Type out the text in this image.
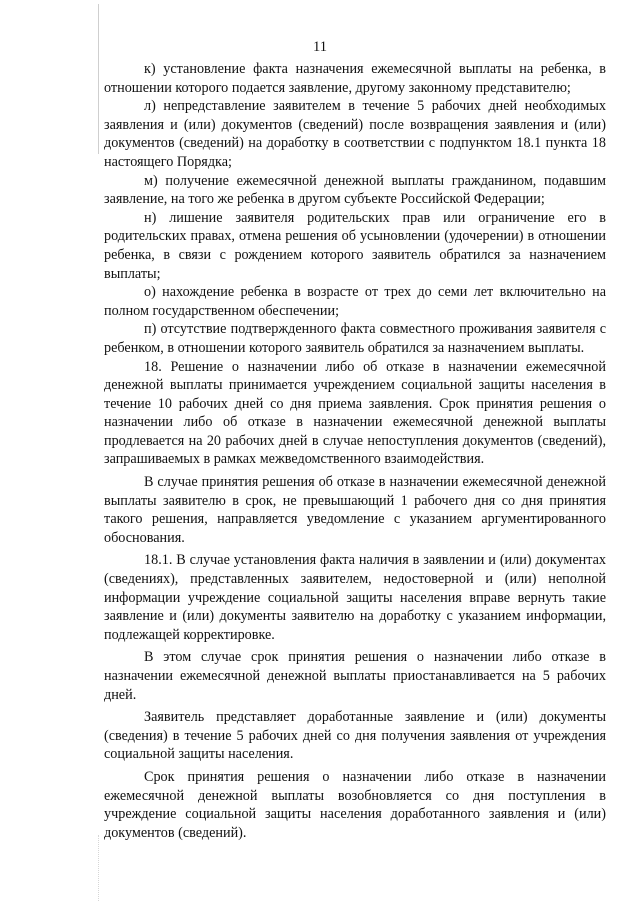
11

к) установление факта назначения ежемесячной выплаты на ребенка, в отношении которого подается заявление, другому законному представителю;

л) непредставление заявителем в течение 5 рабочих дней необходимых заявления и (или) документов (сведений) после возвращения заявления и (или) документов (сведений) на доработку в соответствии с подпунктом 18.1 пункта 18 настоящего Порядка;

м) получение ежемесячной денежной выплаты гражданином, подавшим заявление, на того же ребенка в другом субъекте Российской Федерации;

н) лишение заявителя родительских прав или ограничение его в родительских правах, отмена решения об усыновлении (удочерении) в отношении ребенка, в связи с рождением которого заявитель обратился за назначением выплаты;

о) нахождение ребенка в возрасте от трех до семи лет включительно на полном государственном обеспечении;

п) отсутствие подтвержденного факта совместного проживания заявителя с ребенком, в отношении которого заявитель обратился за назначением выплаты.

18. Решение о назначении либо об отказе в назначении ежемесячной денежной выплаты принимается учреждением социальной защиты населения в течение 10 рабочих дней со дня приема заявления. Срок принятия решения о назначении либо об отказе в назначении ежемесячной денежной выплаты продлевается на 20 рабочих дней в случае непоступления документов (сведений), запрашиваемых в рамках межведомственного взаимодействия.

В случае принятия решения об отказе в назначении ежемесячной денежной выплаты заявителю в срок, не превышающий 1 рабочего дня со дня принятия такого решения, направляется уведомление с указанием аргументированного обоснования.

18.1. В случае установления факта наличия в заявлении и (или) документах (сведениях), представленных заявителем, недостоверной и (или) неполной информации учреждение социальной защиты населения вправе вернуть такие заявление и (или) документы заявителю на доработку с указанием информации, подлежащей корректировке.

В этом случае срок принятия решения о назначении либо отказе в назначении ежемесячной денежной выплаты приостанавливается на 5 рабочих дней.

Заявитель представляет доработанные заявление и (или) документы (сведения) в течение 5 рабочих дней со дня получения заявления от учреждения социальной защиты населения.

Срок принятия решения о назначении либо отказе в назначении ежемесячной денежной выплаты возобновляется со дня поступления в учреждение социальной защиты населения доработанного заявления и (или) документов (сведений).
